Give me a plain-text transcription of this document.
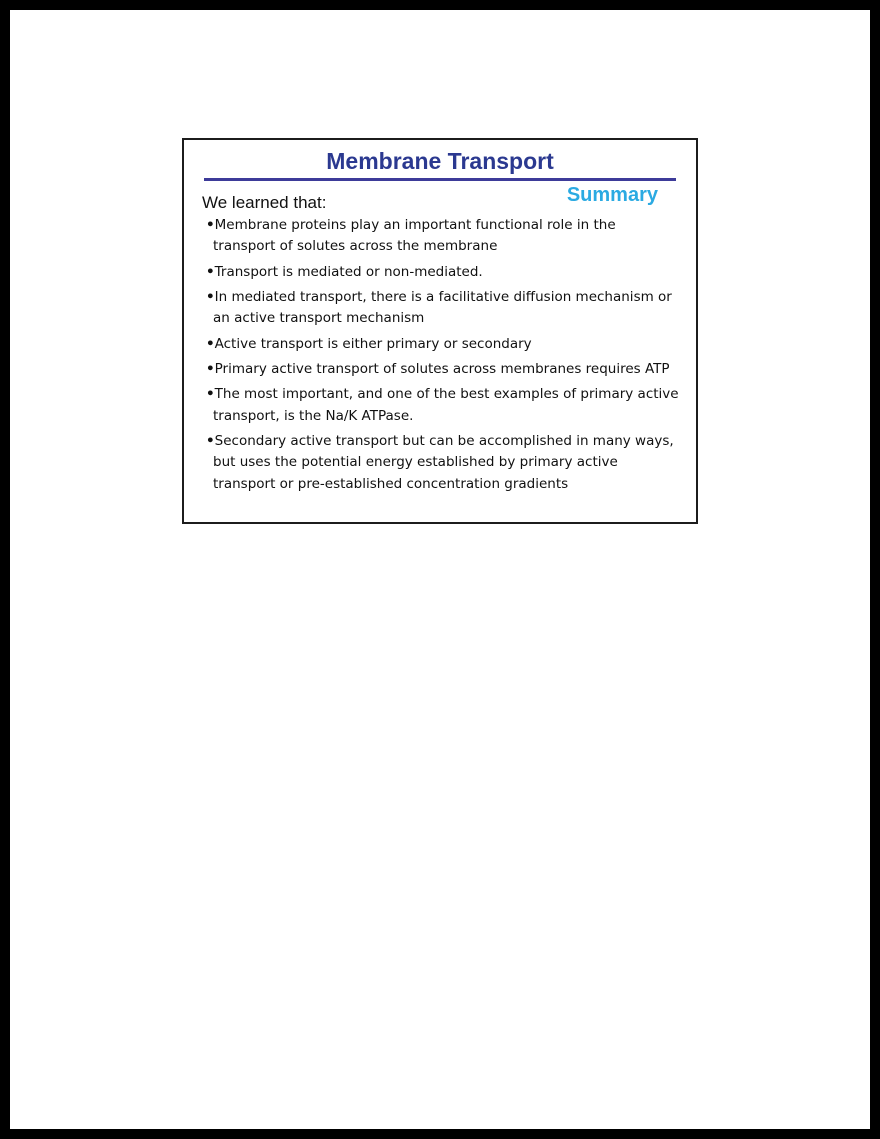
Membrane Transport
Summary
We learned that:
•Membrane proteins play an important functional role in the transport of solutes across the membrane
•Transport is mediated or non-mediated.
•In mediated transport, there is a facilitative diffusion mechanism or an active transport mechanism
•Active transport is either primary or secondary
•Primary active transport of solutes across membranes requires ATP
•The most important, and one of the best examples of primary active transport, is the Na/K ATPase.
•Secondary active transport but can be accomplished in many ways, but uses the potential energy established by primary active transport or pre-established concentration gradients
